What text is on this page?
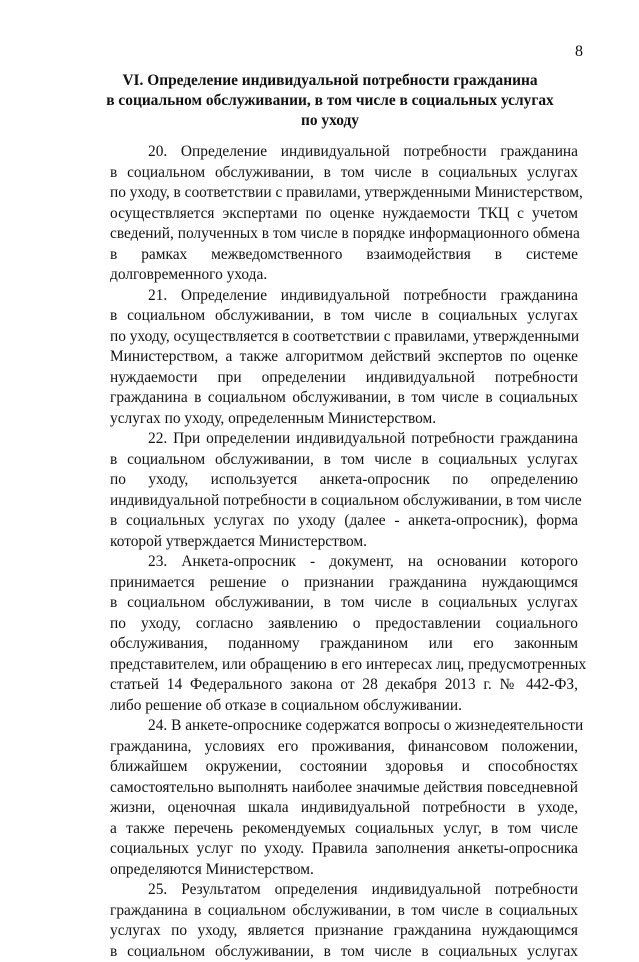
8
VI. Определение индивидуальной потребности гражданина
в социальном обслуживании, в том числе в социальных услугах
по уходу
20. Определение индивидуальной потребности гражданина
в социальном обслуживании, в том числе в социальных услугах
по уходу, в соответствии с правилами, утвержденными Министерством,
осуществляется экспертами по оценке нуждаемости ТКЦ с учетом
сведений, полученных в том числе в порядке информационного обмена
в рамках межведомственного взаимодействия в системе
долговременного ухода.
21. Определение индивидуальной потребности гражданина
в социальном обслуживании, в том числе в социальных услугах
по уходу, осуществляется в соответствии с правилами, утвержденными
Министерством, а также алгоритмом действий экспертов по оценке
нуждаемости при определении индивидуальной потребности
гражданина в социальном обслуживании, в том числе в социальных
услугах по уходу, определенным Министерством.
22. При определении индивидуальной потребности гражданина
в социальном обслуживании, в том числе в социальных услугах
по уходу, используется анкета-опросник по определению
индивидуальной потребности в социальном обслуживании, в том числе
в социальных услугах по уходу (далее - анкета-опросник), форма
которой утверждается Министерством.
23. Анкета-опросник - документ, на основании которого
принимается решение о признании гражданина нуждающимся
в социальном обслуживании, в том числе в социальных услугах
по уходу, согласно заявлению о предоставлении социального
обслуживания, поданному гражданином или его законным
представителем, или обращению в его интересах лиц, предусмотренных
статьей 14 Федерального закона от 28 декабря 2013 г. № 442-ФЗ,
либо решение об отказе в социальном обслуживании.
24. В анкете-опроснике содержатся вопросы о жизнедеятельности
гражданина, условиях его проживания, финансовом положении,
ближайшем окружении, состоянии здоровья и способностях
самостоятельно выполнять наиболее значимые действия повседневной
жизни, оценочная шкала индивидуальной потребности в уходе,
а также перечень рекомендуемых социальных услуг, в том числе
социальных услуг по уходу. Правила заполнения анкеты-опросника
определяются Министерством.
25. Результатом определения индивидуальной потребности
гражданина в социальном обслуживании, в том числе в социальных
услугах по уходу, является признание гражданина нуждающимся
в социальном обслуживании, в том числе в социальных услугах
